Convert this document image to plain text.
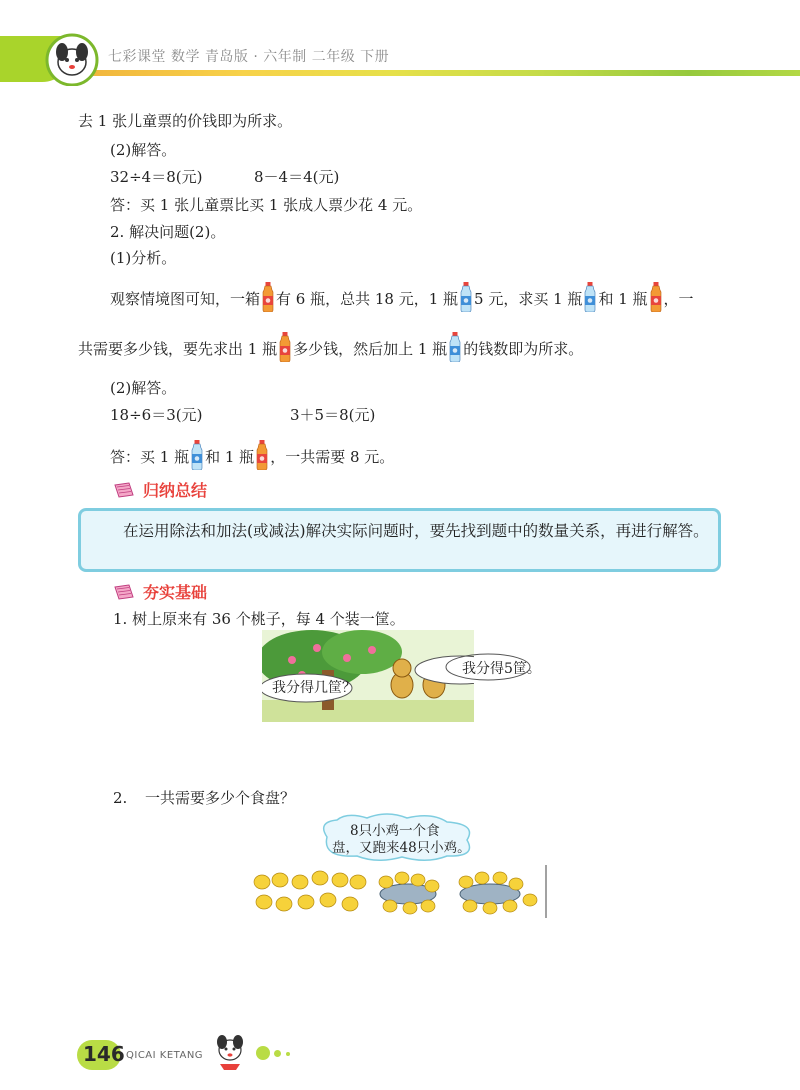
七彩课堂 数学 青岛版 · 六年制 二年级 下册
去 1 张儿童票的价钱即为所求。
(2)解答。
32÷4＝8(元)	8－4＝4(元)
答：买 1 张儿童票比买 1 张成人票少花 4 元。
2. 解决问题(2)。
(1)分析。
观察情境图可知，一箱 有 6 瓶，总共 18 元，1 瓶 5 元，求买 1 瓶 和 1 瓶 ，一
共需要多少钱，要先求出 1 瓶 多少钱，然后加上 1 瓶 的钱数即为所求。
(2)解答。
18÷6＝3(元)	3＋5＝8(元)
答：买 1 瓶 和 1 瓶 ，一共需要 8 元。
归纳总结
在运用除法和加法(或减法)解决实际问题时，要先找到题中的数量关系，再进行解答。
夯实基础
1. 树上原来有 36 个桃子，每 4 个装一筐。
我分得几筐？
我分得5筐。
2. 一共需要多少个食盘？
8只小鸡一个食
盘，又跑来48只小鸡。
146 QICAI KETANG
